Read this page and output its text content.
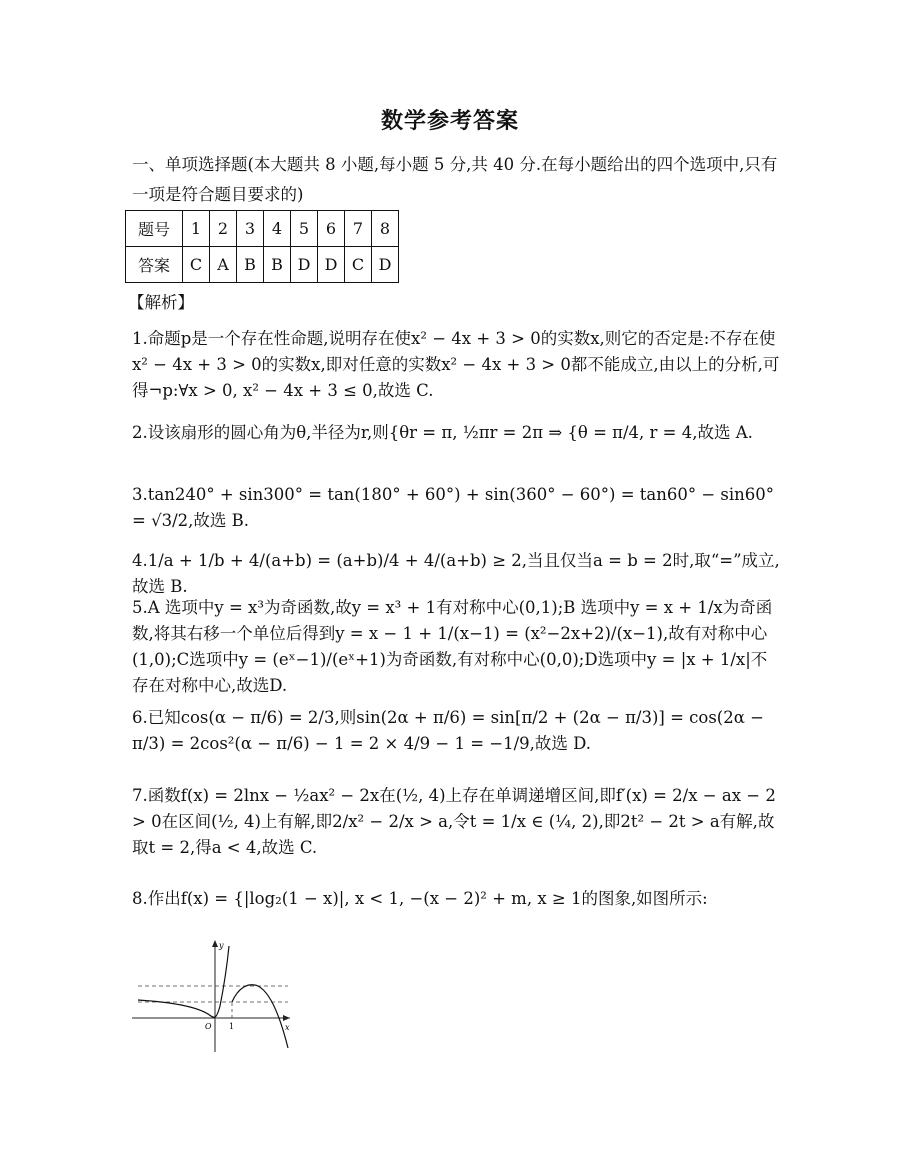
数学参考答案
一、单项选择题(本大题共 8 小题,每小题 5 分,共 40 分.在每小题给出的四个选项中,只有一项是符合题目要求的)
题号	1	2	3	4	5	6	7	8
答案	C	A	B	B	D	D	C	D
【解析】
1.命题p是一个存在性命题,说明存在使x² − 4x + 3 > 0的实数x,则它的否定是:不存在使x² − 4x + 3 > 0的实数x,即对任意的实数x² − 4x + 3 > 0都不能成立,由以上的分析,可得¬p:∀x > 0, x² − 4x + 3 ≤ 0,故选 C.
2.设该扇形的圆心角为θ,半径为r,则{θr = π, ½πr = 2π ⇒ {θ = π/4, r = 4,故选 A.
3.tan240° + sin300° = tan(180° + 60°) + sin(360° − 60°) = tan60° − sin60° = √3/2,故选 B.
4.1/a + 1/b + 4/(a+b) = (a+b)/4 + 4/(a+b) ≥ 2,当且仅当a = b = 2时,取“=”成立,故选 B.
5.A 选项中y = x³为奇函数,故y = x³ + 1有对称中心(0,1);B 选项中y = x + 1/x为奇函数,将其右移一个单位后得到y = x − 1 + 1/(x−1) = (x²−2x+2)/(x−1),故有对称中心(1,0);C选项中y = (eˣ−1)/(eˣ+1)为奇函数,有对称中心(0,0);D选项中y = |x + 1/x|不存在对称中心,故选D.
6.已知cos(α − π/6) = 2/3,则sin(2α + π/6) = sin[π/2 + (2α − π/3)] = cos(2α − π/3) = 2cos²(α − π/6) − 1 = 2 × 4/9 − 1 = −1/9,故选 D.
7.函数f(x) = 2lnx − ½ax² − 2x在(½, 4)上存在单调递增区间,即f′(x) = 2/x − ax − 2 > 0在区间(½, 4)上有解,即2/x² − 2/x > a,令t = 1/x ∈ (¼, 2),即2t² − 2t > a有解,故取t = 2,得a < 4,故选 C.
8.作出f(x) = {|log₂(1 − x)|, x < 1, −(x − 2)² + m, x ≥ 1的图象,如图所示:
y
x
O 1
